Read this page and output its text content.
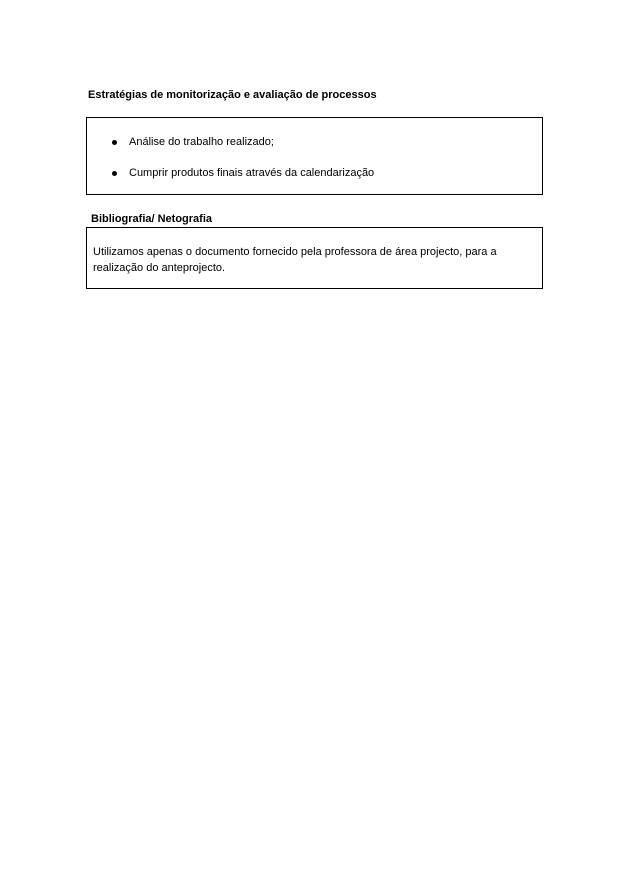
Estratégias de monitorização e avaliação de processos
Análise do trabalho realizado;
Cumprir produtos finais através da calendarização
Bibliografia/ Netografia

Utilizamos apenas o documento fornecido pela professora de área projecto, para a realização do anteprojecto.
